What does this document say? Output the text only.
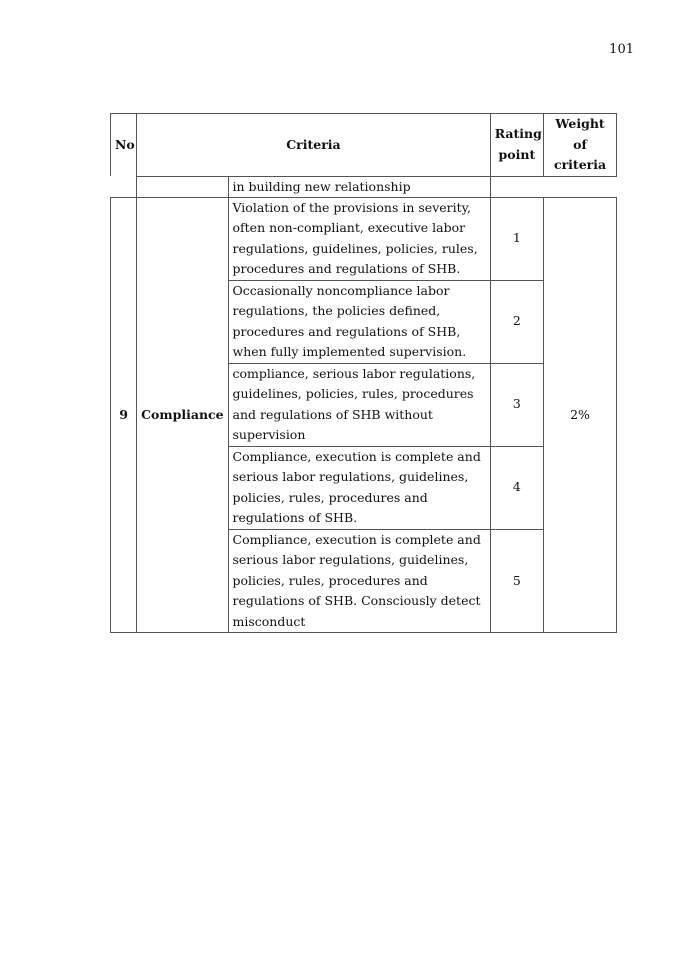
101
No	Criteria		Rating point	Weight of criteria
		in building new relationship		
9	Compliance	Violation of the provisions in severity, often non-compliant, executive labor regulations, guidelines, policies, rules, procedures and regulations of SHB.	1	2%
		Occasionally noncompliance labor regulations, the policies defined, procedures and regulations of SHB, when fully implemented supervision.	2	
		compliance, serious labor regulations, guidelines, policies, rules, procedures and regulations of SHB without supervision	3	
		Compliance, execution is complete and serious labor regulations, guidelines, policies, rules, procedures and regulations of SHB.	4	
		Compliance, execution is complete and serious labor regulations, guidelines, policies, rules, procedures and regulations of SHB. Consciously detect misconduct	5	
